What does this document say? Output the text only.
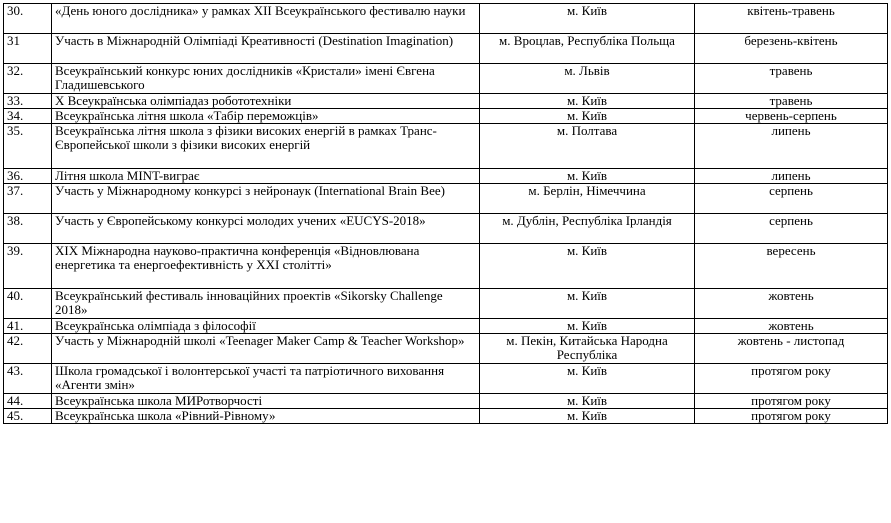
30.	«День юного дослідника» у рамках ХІІ Всеукраїнського фестивалю науки	м. Київ	квітень-травень
31	Участь в Міжнародній Олімпіаді Креативності (Destination Imagination)	м. Вроцлав, Республіка Польща	березень-квітень
32.	Всеукраїнський конкурс юних дослідників «Кристали» імені Євгена Гладишевського	м. Львів	травень
33.	Х Всеукраїнська олімпіадаз робототехніки	м. Київ	травень
34.	Всеукраїнська літня школа «Табір переможців»	м. Київ	червень-серпень
35.	Всеукраїнська літня школа з фізики високих енергій в рамках Транс-Європейської школи з фізики високих енергій	м. Полтава	липень
36.	Літня школа MINT-виграє	м. Київ	липень
37.	Участь у Міжнародному конкурсі з нейронаук (International Brain Bee)	м. Берлін, Німеччина	серпень
38.	Участь у Європейському конкурсі молодих учених «EUCYS-2018»	м. Дублін, Республіка Ірландія	серпень
39.	ХІХ Міжнародна науково-практична конференція «Відновлювана енергетика та енергоефективність у ХХІ столітті»	м. Київ	вересень
40.	Всеукраїнський фестиваль інноваційних проектів «Sikorsky Challenge 2018»	м. Київ	жовтень
41.	Всеукраїнська олімпіада з філософії	м. Київ	жовтень
42.	Участь у Міжнародній школі «Teenager Maker Camp & Teacher Workshop»	м. Пекін, Китайська Народна Республіка	жовтень - листопад
43.	Школа громадської і волонтерської участі та патріотичного виховання «Агенти змін»	м. Київ	протягом року
44.	Всеукраїнська школа МИРотворчості	м. Київ	протягом року
45.	Всеукраїнська школа «Рівний-Рівному»	м. Київ	протягом року
